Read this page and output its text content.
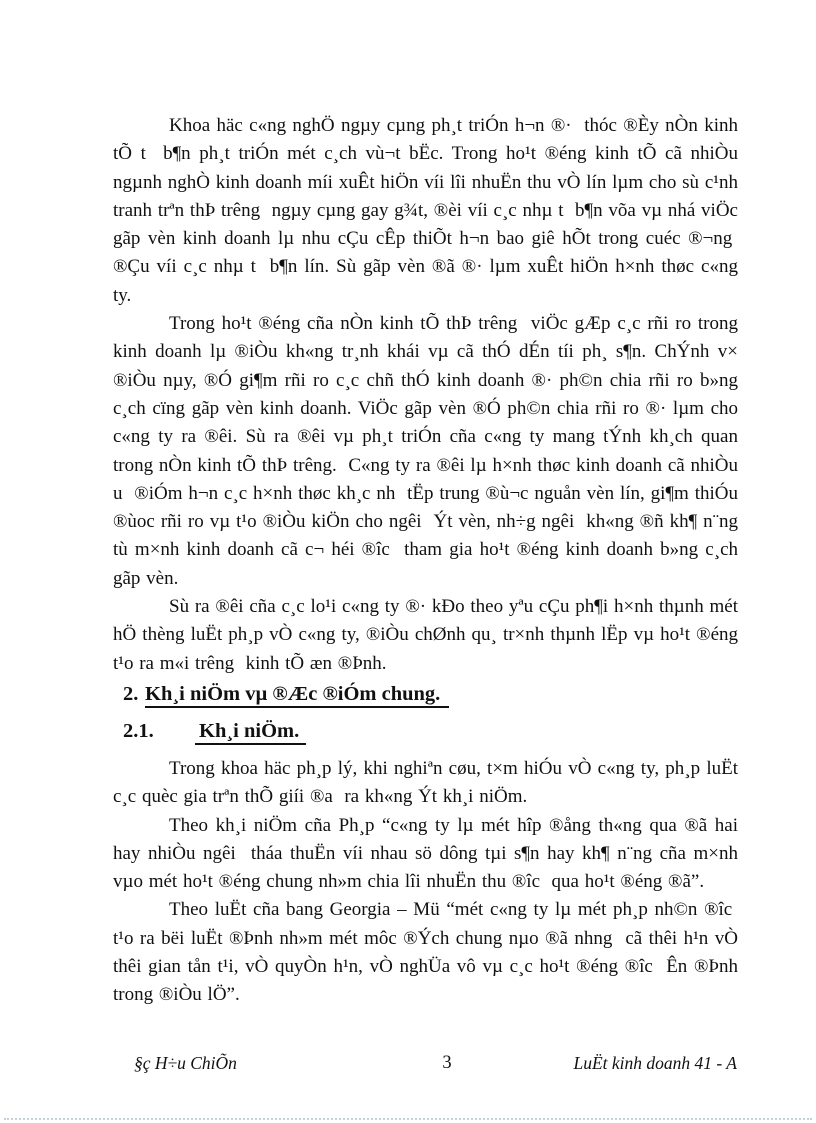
Khoa häc c«ng nghÖ ngµy cµng ph¸t triÓn h¬n ®·  thóc ®Èy nÒn kinh tÕ t  b¶n ph¸t triÓn mét c¸ch vù¬t bËc. Trong ho¹t ®éng kinh tÕ cã nhiÒu ngµnh nghÒ kinh doanh míi xuÊt hiÖn víi lîi nhuËn thu vÒ lín lµm cho sù c¹nh tranh trªn thÞ trêng  ngµy cµng gay g¾t, ®èi víi c¸c nhµ t  b¶n võa vµ nhá viÖc gãp vèn kinh doanh lµ nhu cÇu cÊp thiÕt h¬n bao giê hÕt trong cuéc ®¬ng  ®Çu víi c¸c nhµ t  b¶n lín. Sù gãp vèn ®ã ®· lµm xuÊt hiÖn h×nh thøc c«ng ty.

Trong ho¹t ®éng cña nÒn kinh tÕ thÞ trêng  viÖc gÆp c¸c rñi ro trong kinh doanh lµ ®iÒu kh«ng tr¸nh khái vµ cã thÓ dÉn tíi ph¸ s¶n. ChÝnh v× ®iÒu nµy, ®Ó gi¶m rñi ro c¸c chñ thÓ kinh doanh ®· ph©n chia rñi ro b»ng c¸ch cïng gãp vèn kinh doanh. ViÖc gãp vèn ®Ó ph©n chia rñi ro ®· lµm cho c«ng ty ra ®êi. Sù ra ®êi vµ ph¸t triÓn cña c«ng ty mang tÝnh kh¸ch quan trong nÒn kinh tÕ thÞ trêng.  C«ng ty ra ®êi lµ h×nh thøc kinh doanh cã nhiÒu u  ®iÓm h¬n c¸c h×nh thøc kh¸c nh  tËp trung ®ù¬c nguån vèn lín, gi¶m thiÓu ®ùoc rñi ro vµ t¹o ®iÒu kiÖn cho ngêi  Ýt vèn, nh÷g ngêi  kh«ng ®ñ kh¶ n¨ng tù m×nh kinh doanh cã c¬ héi ®îc  tham gia ho¹t ®éng kinh doanh b»ng c¸ch gãp vèn.

Sù ra ®êi cña c¸c lo¹i c«ng ty ®· kÐo theo yªu cÇu ph¶i h×nh thµnh mét hÖ thèng luËt ph¸p vÒ c«ng ty, ®iÒu chØnh qu¸ tr×nh thµnh lËp vµ ho¹t ®éng t¹o ra m«i trêng  kinh tÕ æn ®Þnh.

2. Kh¸i niÖm vµ ®Æc ®iÓm chung.
2.1. Kh¸i niÖm.

Trong khoa häc ph¸p lý, khi nghiªn cøu, t×m hiÓu vÒ c«ng ty, ph¸p luËt c¸c quèc gia trªn thÕ giíi ®a  ra kh«ng Ýt kh¸i niÖm.

Theo kh¸i niÖm cña Ph¸p “c«ng ty lµ mét hîp ®ång th«ng qua ®ã hai hay nhiÒu ngêi  tháa thuËn víi nhau sö dông tµi s¶n hay kh¶ n¨ng cña m×nh vµo mét ho¹t ®éng chung nh»m chia lîi nhuËn thu ®îc  qua ho¹t ®éng ®ã”.

Theo luËt cña bang Georgia – Mü “mét c«ng ty lµ mét ph¸p nh©n ®îc  t¹o ra bëi luËt ®Þnh nh»m mét môc ®Ých chung nµo ®ã nhng  cã thêi h¹n vÒ thêi gian tån t¹i, vÒ quyÒn h¹n, vÒ nghÜa vô vµ c¸c ho¹t ®éng ®îc  Ên ®Þnh trong ®iÒu lÖ”.

§ç H÷u ChiÕn	3	LuËt kinh doanh 41 - A
